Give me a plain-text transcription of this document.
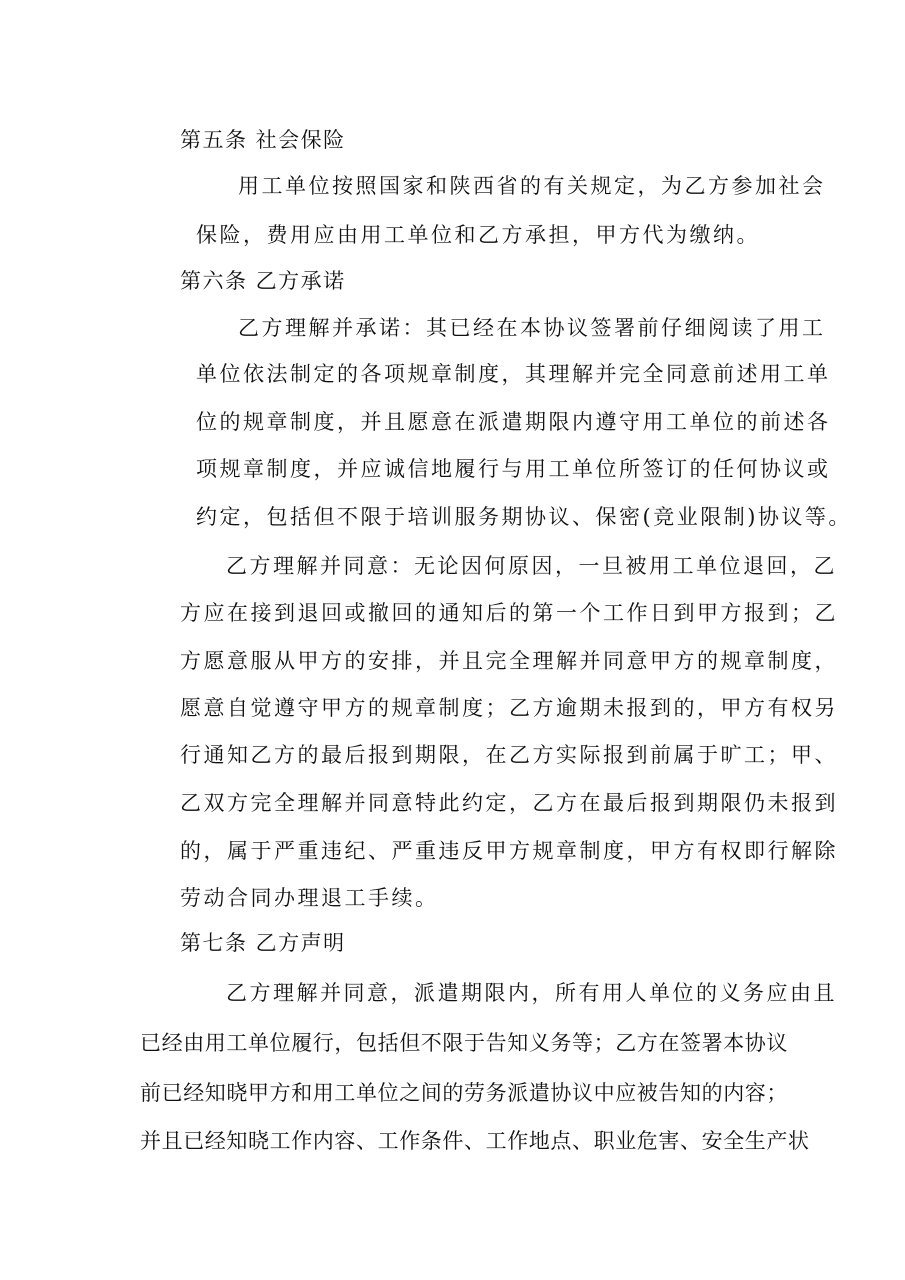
第五条 社会保险
用工单位按照国家和陕西省的有关规定，为乙方参加社会
保险，费用应由用工单位和乙方承担，甲方代为缴纳。
第六条 乙方承诺
乙方理解并承诺：其已经在本协议签署前仔细阅读了用工
单位依法制定的各项规章制度，其理解并完全同意前述用工单
位的规章制度，并且愿意在派遣期限内遵守用工单位的前述各
项规章制度，并应诚信地履行与用工单位所签订的任何协议或
约定，包括但不限于培训服务期协议、保密(竞业限制)协议等。
乙方理解并同意：无论因何原因，一旦被用工单位退回，乙
方应在接到退回或撤回的通知后的第一个工作日到甲方报到；乙
方愿意服从甲方的安排，并且完全理解并同意甲方的规章制度，
愿意自觉遵守甲方的规章制度；乙方逾期未报到的，甲方有权另
行通知乙方的最后报到期限，在乙方实际报到前属于旷工；甲、
乙双方完全理解并同意特此约定，乙方在最后报到期限仍未报到
的，属于严重违纪、严重违反甲方规章制度，甲方有权即行解除
劳动合同办理退工手续。
第七条 乙方声明
乙方理解并同意，派遣期限内，所有用人单位的义务应由且
已经由用工单位履行，包括但不限于告知义务等；乙方在签署本协议
前已经知晓甲方和用工单位之间的劳务派遣协议中应被告知的内容；
并且已经知晓工作内容、工作条件、工作地点、职业危害、安全生产状
